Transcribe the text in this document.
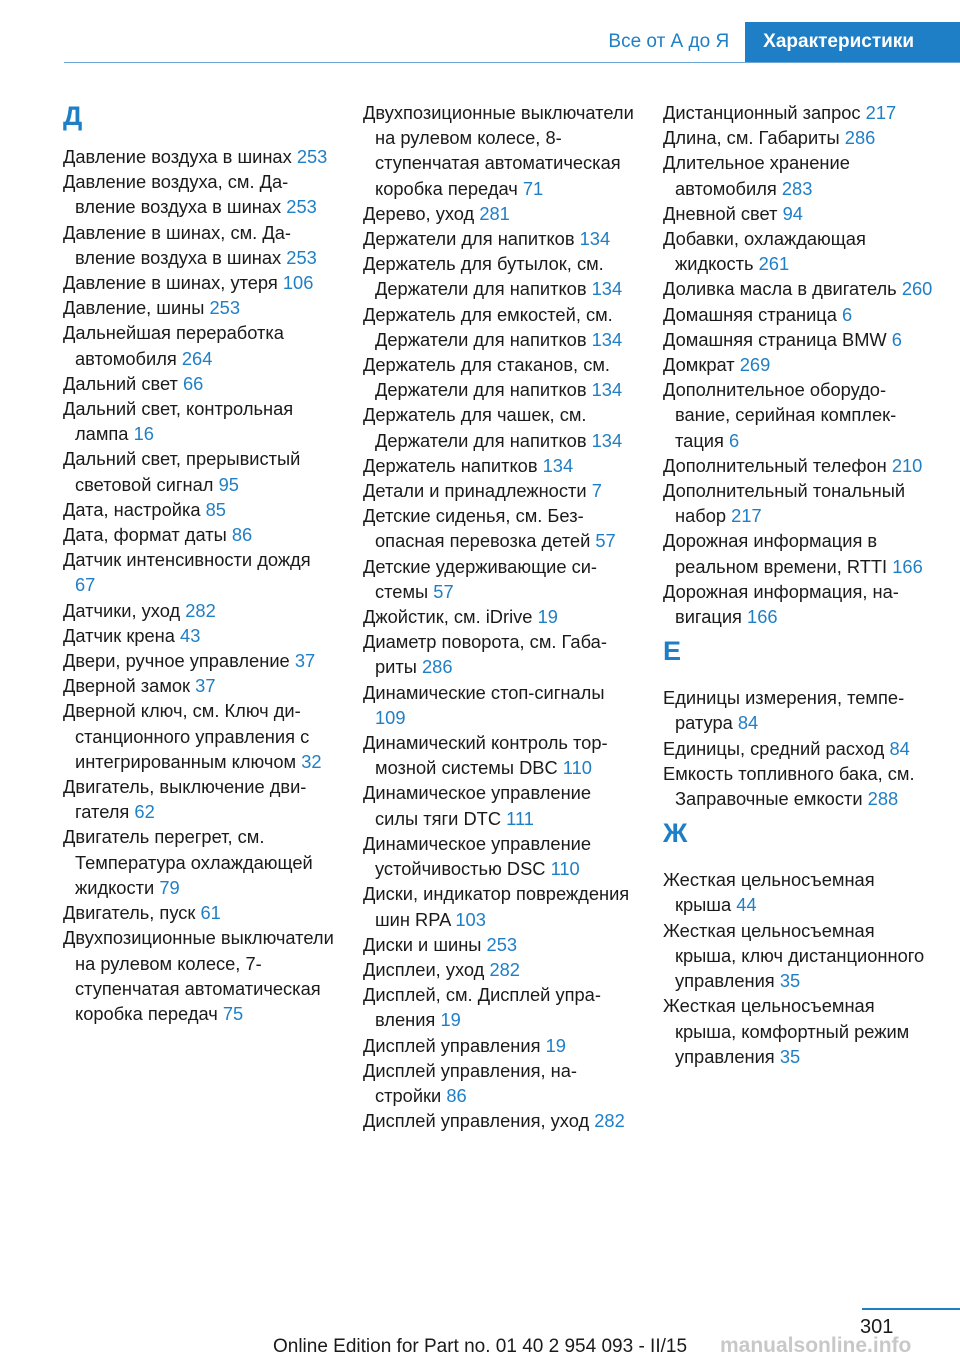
Все от А до Я	Характеристики
Д
Давление воздуха в шинах 253
Давление воздуха, см. Давление воздуха в шинах 253
Давление в шинах, см. Давление воздуха в шинах 253
Давление в шинах, утеря 106
Давление, шины 253
Дальнейшая переработка автомобиля 264
Дальний свет 66
Дальний свет, контрольная лампа 16
Дальний свет, прерывистый световой сигнал 95
Дата, настройка 85
Дата, формат даты 86
Датчик интенсивности дождя 67
Датчики, уход 282
Датчик крена 43
Двери, ручное управление 37
Дверной замок 37
Дверной ключ, см. Ключ дистанционного управления с интегрированным ключом 32
Двигатель, выключение двигателя 62
Двигатель перегрет, см. Температура охлаждающей жидкости 79
Двигатель, пуск 61
Двухпозиционные выключатели на рулевом колесе, 7-ступенчатая автоматическая коробка передач 75
Двухпозиционные выключатели на рулевом колесе, 8-ступенчатая автоматическая коробка передач 71
Дерево, уход 281
Держатели для напитков 134
Держатель для бутылок, см. Держатели для напитков 134
Держатель для емкостей, см. Держатели для напитков 134
Держатель для стаканов, см. Держатели для напитков 134
Держатель для чашек, см. Держатели для напитков 134
Держатель напитков 134
Детали и принадлежности 7
Детские сиденья, см. Безопасная перевозка детей 57
Детские удерживающие системы 57
Джойстик, см. iDrive 19
Диаметр поворота, см. Габариты 286
Динамические стоп-сигналы 109
Динамический контроль тормозной системы DBC 110
Динамическое управление силы тяги DTC 111
Динамическое управление устойчивостью DSC 110
Диски, индикатор повреждения шин RPA 103
Диски и шины 253
Дисплеи, уход 282
Дисплей, см. Дисплей управления 19
Дисплей управления 19
Дисплей управления, настройки 86
Дисплей управления, уход 282
Дистанционный запрос 217
Длина, см. Габариты 286
Длительное хранение автомобиля 283
Дневной свет 94
Добавки, охлаждающая жидкость 261
Доливка масла в двигатель 260
Домашняя страница 6
Домашняя страница BMW 6
Домкрат 269
Дополнительное оборудование, серийная комплектация 6
Дополнительный телефон 210
Дополнительный тональный набор 217
Дорожная информация в реальном времени, RTTI 166
Дорожная информация, навигация 166
Е
Единицы измерения, температура 84
Единицы, средний расход 84
Емкость топливного бака, см. Заправочные емкости 288
Ж
Жесткая цельносъемная крыша 44
Жесткая цельносъемная крыша, ключ дистанционного управления 35
Жесткая цельносъемная крыша, комфортный режим управления 35
301
Online Edition for Part no. 01 40 2 954 093 - II/15	manualsonline.info
